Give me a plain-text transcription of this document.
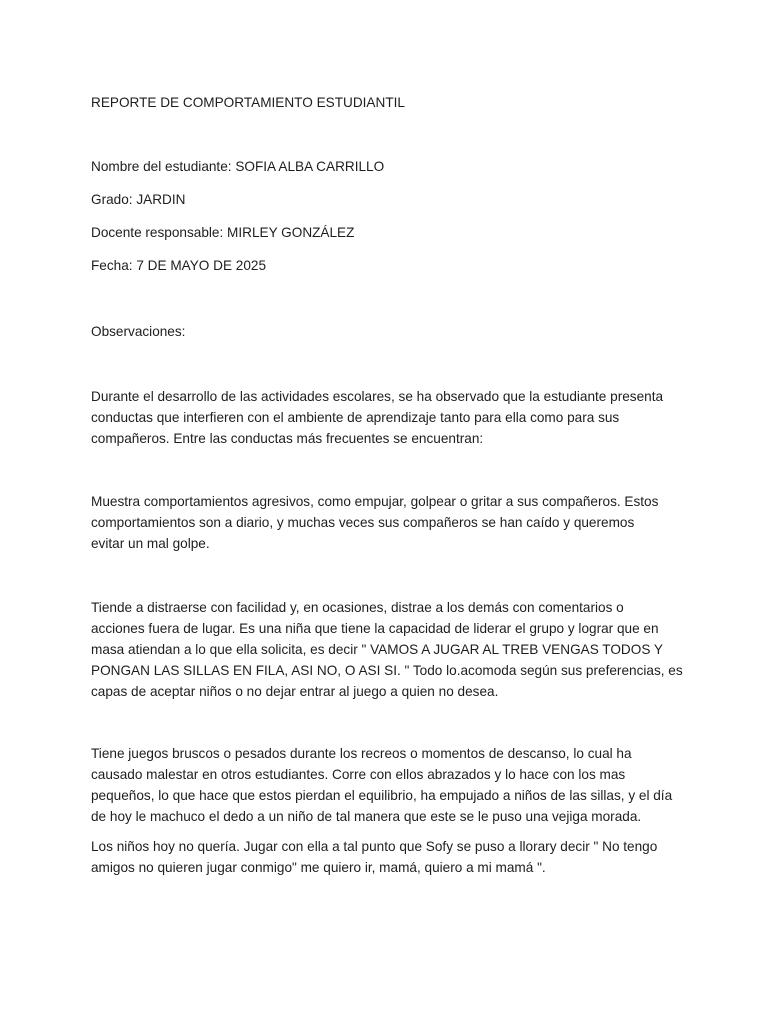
REPORTE DE COMPORTAMIENTO ESTUDIANTIL

Nombre del estudiante: SOFIA ALBA CARRILLO

Grado: JARDIN

Docente responsable: MIRLEY GONZÁLEZ

Fecha: 7 DE MAYO DE 2025

Observaciones:

Durante el desarrollo de las actividades escolares, se ha observado que la estudiante presenta
conductas que interfieren con el ambiente de aprendizaje tanto para ella como para sus
compañeros. Entre las conductas más frecuentes se encuentran:
Muestra comportamientos agresivos, como empujar, golpear o gritar a sus compañeros. Estos
comportamientos son a diario, y muchas veces sus compañeros se han caído y queremos
evitar un mal golpe.
Tiende a distraerse con facilidad y, en ocasiones, distrae a los demás con comentarios o
acciones fuera de lugar. Es una niña que tiene la capacidad de liderar el grupo y lograr que en
masa atiendan a lo que ella solicita, es decir " VAMOS A JUGAR AL TREB VENGAS TODOS Y
PONGAN LAS SILLAS EN FILA, ASI NO, O ASI SI. " Todo lo.acomoda según sus preferencias, es
capas de aceptar niños o no dejar entrar al juego a quien no desea.
Tiene juegos bruscos o pesados durante los recreos o momentos de descanso, lo cual ha
causado malestar en otros estudiantes. Corre con ellos abrazados y lo hace con los mas
pequeños, lo que hace que estos pierdan el equilibrio, ha empujado a niños de las sillas, y el día
de hoy le machuco el dedo a un niño de tal manera que este se le puso una vejiga morada.
Los niños hoy no quería. Jugar con ella a tal punto que Sofy se puso a llorary decir " No tengo
amigos no quieren jugar conmigo" me quiero ir, mamá, quiero a mi mamá ".
